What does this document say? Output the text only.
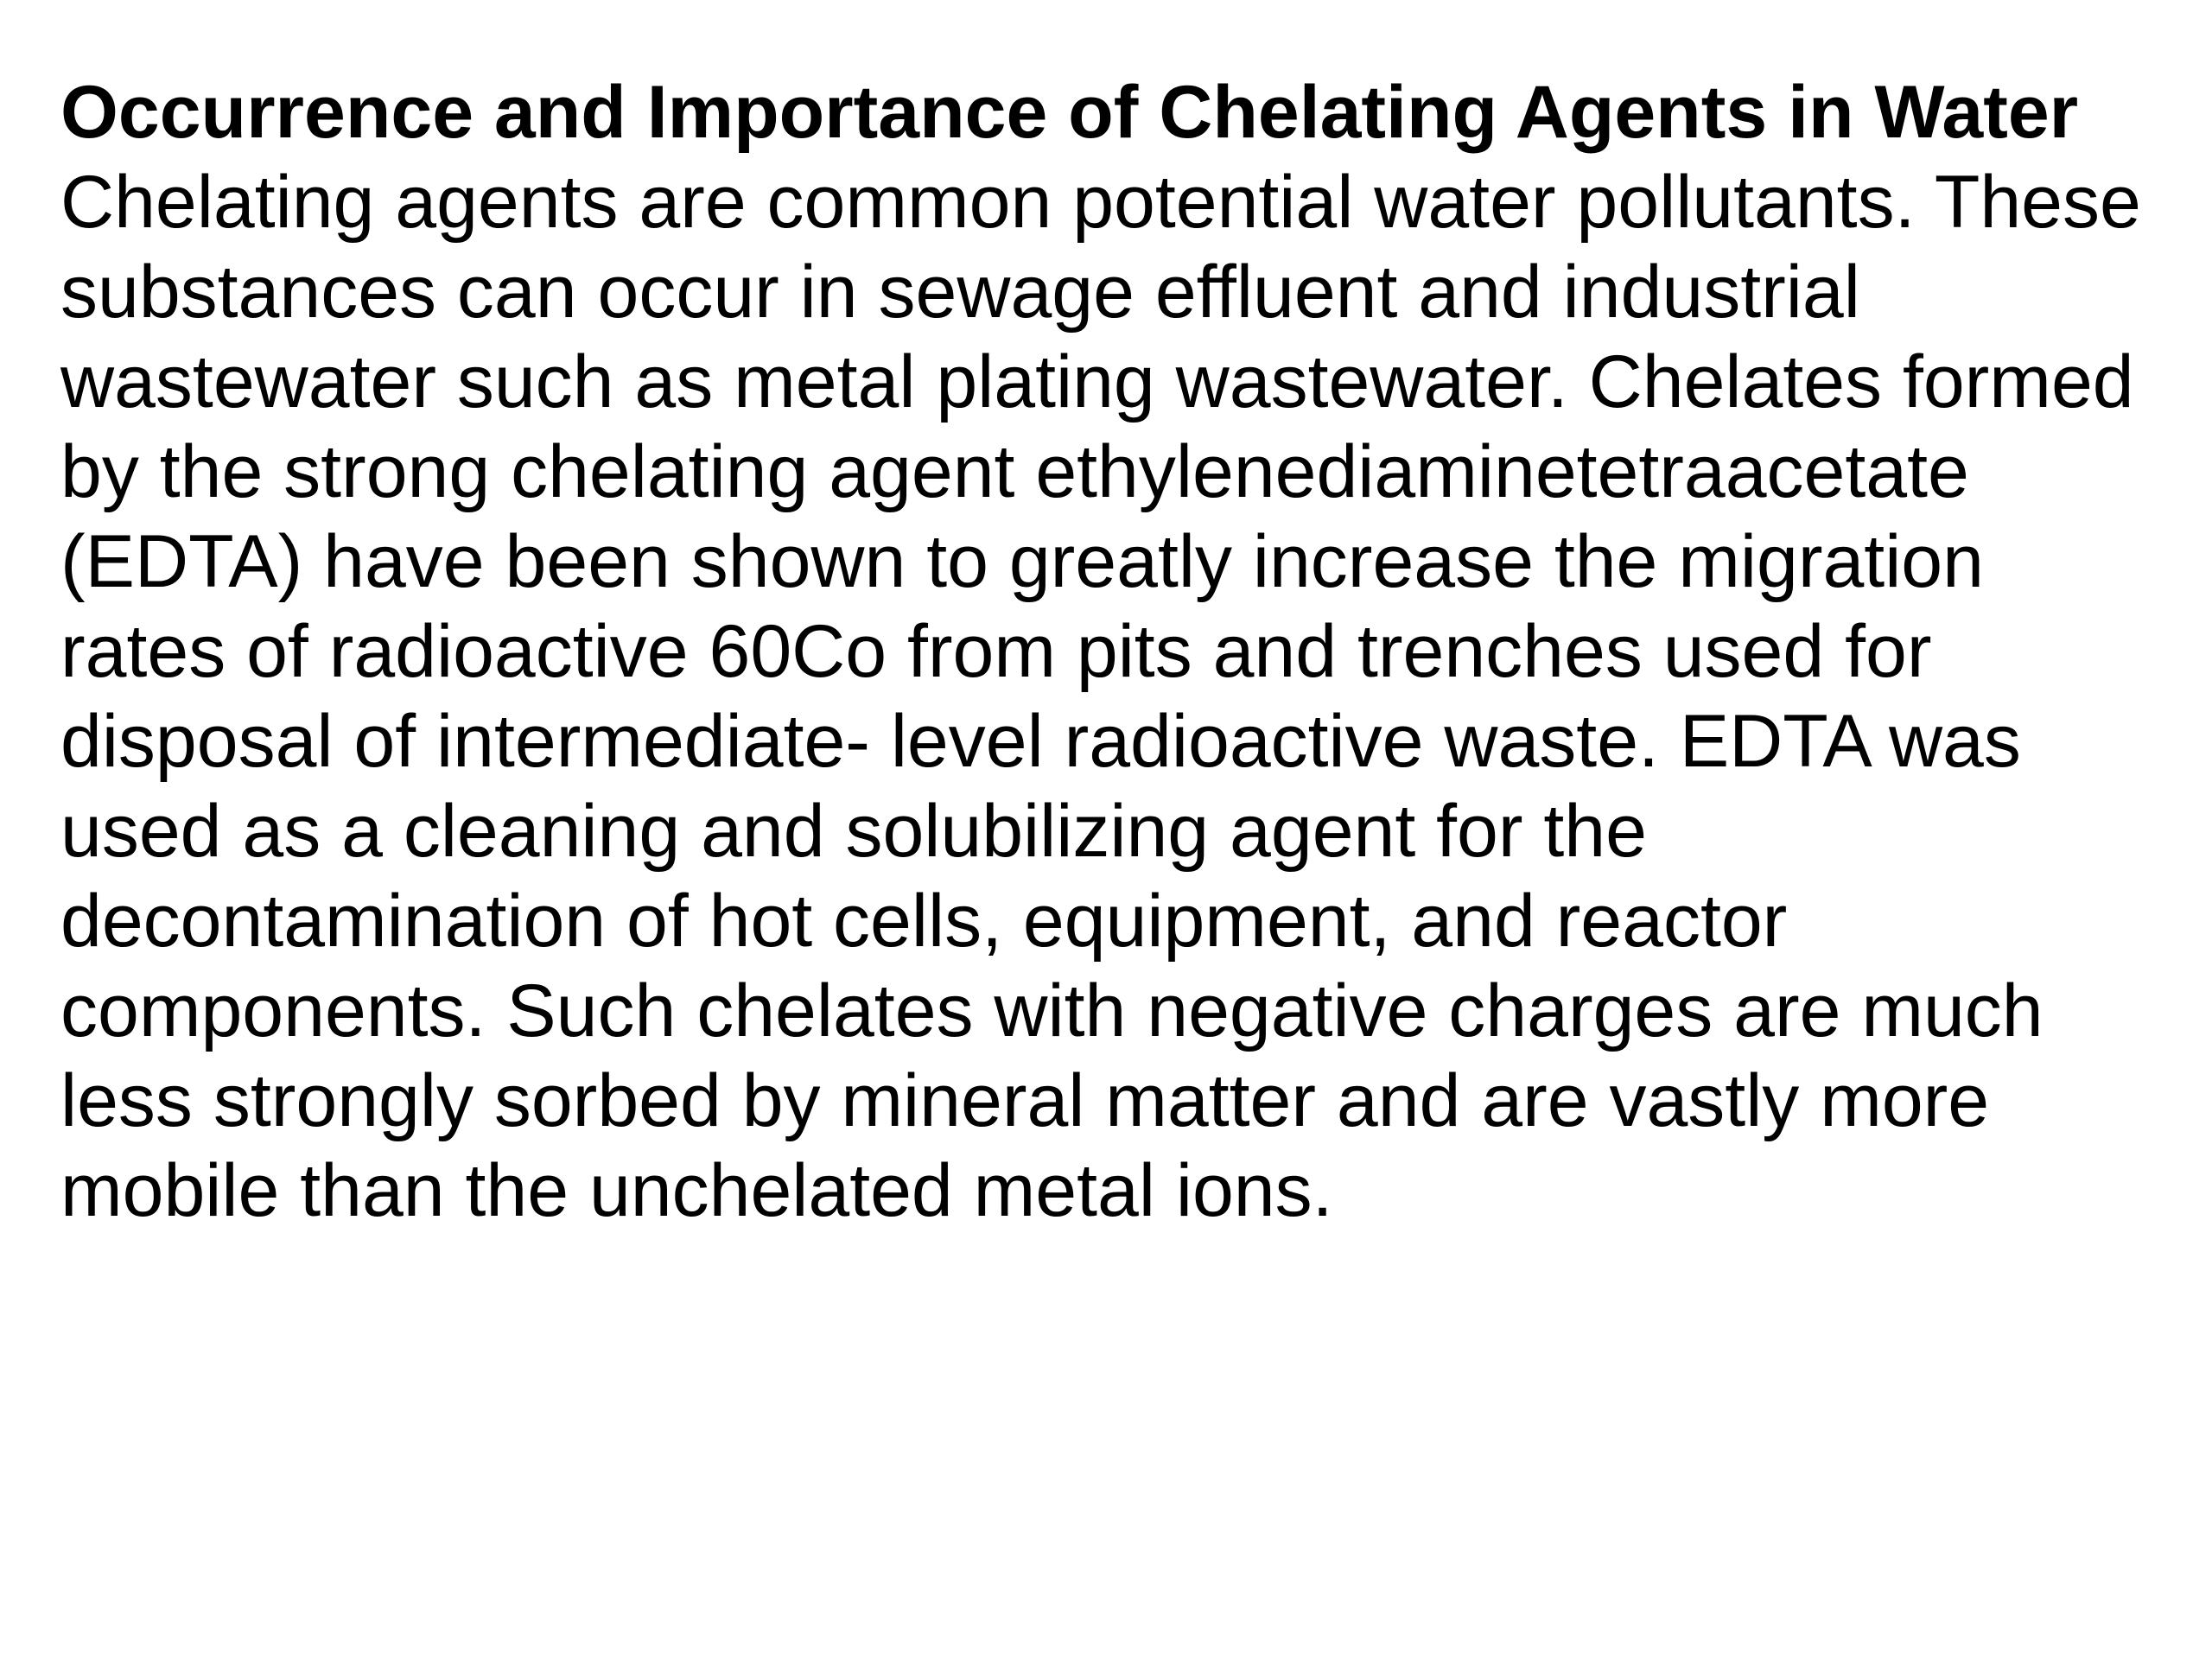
Occurrence and Importance of Chelating Agents in Water
Chelating agents are common potential water pollutants. These
substances can occur in sewage effluent and industrial
wastewater such as metal plating wastewater. Chelates formed
by the strong chelating agent ethylenediaminetetraacetate
(EDTA) have been shown to greatly increase the migration
rates of radioactive 60Co from pits and trenches used for
disposal of intermediate- level radioactive waste. EDTA was
used as a cleaning and solubilizing agent for the
decontamination of hot cells, equipment, and reactor
components. Such chelates with negative charges are much
less strongly sorbed by mineral matter and are vastly more
mobile than the unchelated metal ions.
